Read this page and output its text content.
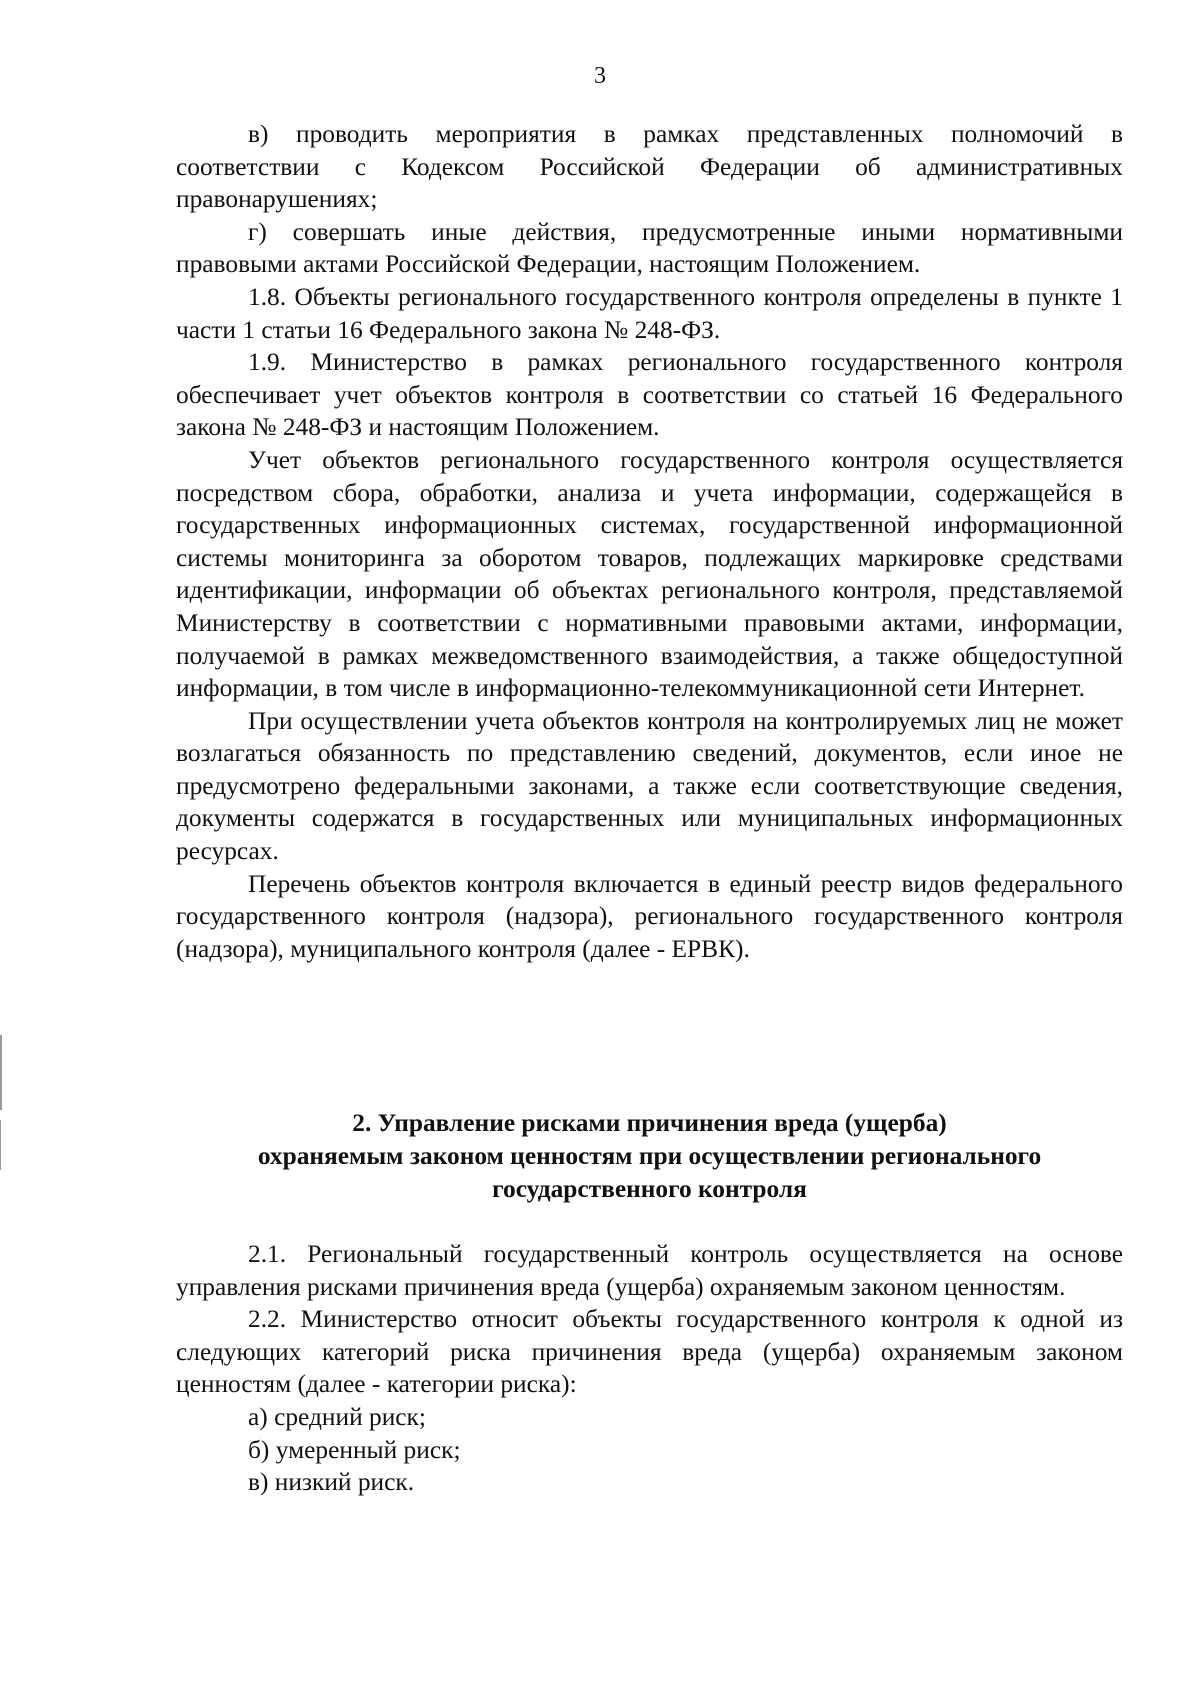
3

в) проводить мероприятия в рамках представленных полномочий в соответствии с Кодексом Российской Федерации об административных правонарушениях;

г) совершать иные действия, предусмотренные иными нормативными правовыми актами Российской Федерации, настоящим Положением.

1.8. Объекты регионального государственного контроля определены в пункте 1 части 1 статьи 16 Федерального закона № 248-ФЗ.

1.9. Министерство в рамках регионального государственного контроля обеспечивает учет объектов контроля в соответствии со статьей 16 Федерального закона № 248-ФЗ и настоящим Положением.

Учет объектов регионального государственного контроля осуществляется посредством сбора, обработки, анализа и учета информации, содержащейся в государственных информационных системах, государственной информационной системы мониторинга за оборотом товаров, подлежащих маркировке средствами идентификации, информации об объектах регионального контроля, представляемой Министерству в соответствии с нормативными правовыми актами, информации, получаемой в рамках межведомственного взаимодействия, а также общедоступной информации, в том числе в информационно-телекоммуникационной сети Интернет.

При осуществлении учета объектов контроля на контролируемых лиц не может возлагаться обязанность по представлению сведений, документов, если иное не предусмотрено федеральными законами, а также если соответствующие сведения, документы содержатся в государственных или муниципальных информационных ресурсах.

Перечень объектов контроля включается в единый реестр видов федерального государственного контроля (надзора), регионального государственного контроля (надзора), муниципального контроля (далее - ЕРВК).

2. Управление рисками причинения вреда (ущерба)
охраняемым законом ценностям при осуществлении регионального
государственного контроля

2.1. Региональный государственный контроль осуществляется на основе управления рисками причинения вреда (ущерба) охраняемым законом ценностям.

2.2. Министерство относит объекты государственного контроля к одной из следующих категорий риска причинения вреда (ущерба) охраняемым законом ценностям (далее - категории риска):

а) средний риск;

б) умеренный риск;

в) низкий риск.
